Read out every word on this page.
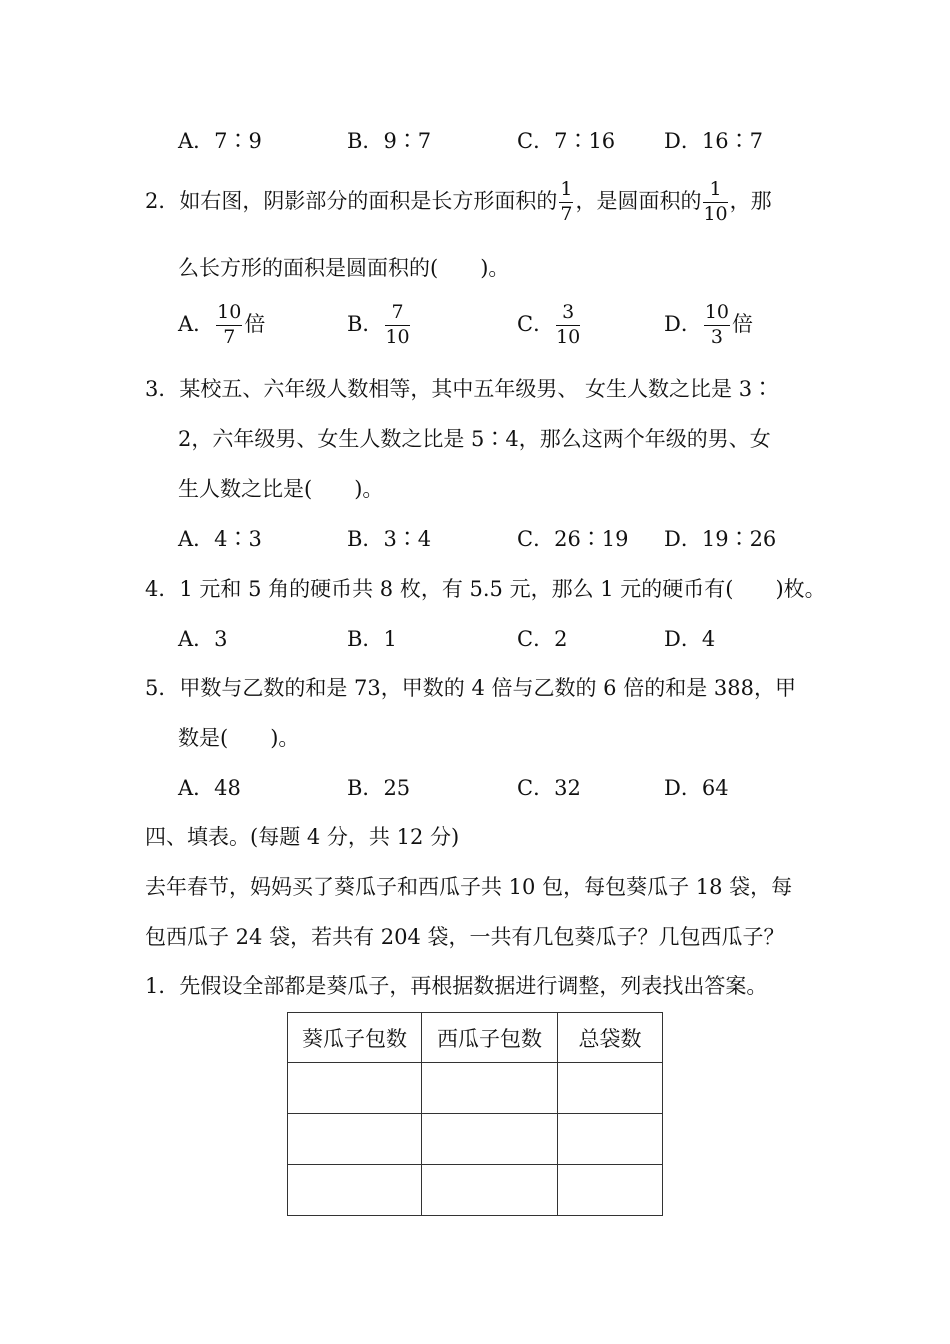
A．7∶9	B．9∶7	C．7∶16 D．16∶7
2．如右图，阴影部分的面积是长方形面积的 $\frac{1}{7}$ ，是圆面积的 $\frac{1}{10}$ ，那
么长方形的面积是圆面积的(　　)。
A． $\frac{10}{7}$ 倍	B． $\frac{7}{10}$	C． $\frac{3}{10}$	D． $\frac{10}{3}$ 倍
3．某校五、六年级人数相等，其中五年级男、 女生人数之比是 3∶
2，六年级男、女生人数之比是 5∶4，那么这两个年级的男、女
生人数之比是(　　)。
A．4∶3	B．3∶4	C．26∶19 D．19∶26
4．1 元和 5 角的硬币共 8 枚，有 5.5 元，那么 1 元的硬币有(　　)枚。
A．3	B．1	C．2	D．4
5．甲数与乙数的和是 73，甲数的 4 倍与乙数的 6 倍的和是 388，甲
数是(　　)。
A．48	B．25	C．32	D．64
四、填表。(每题 4 分，共 12 分)
去年春节，妈妈买了葵瓜子和西瓜子共 10 包，每包葵瓜子 18 袋，每
包西瓜子 24 袋，若共有 204 袋，一共有几包葵瓜子？几包西瓜子？
1．先假设全部都是葵瓜子，再根据数据进行调整，列表找出答案。
葵瓜子包数	西瓜子包数	总袋数
